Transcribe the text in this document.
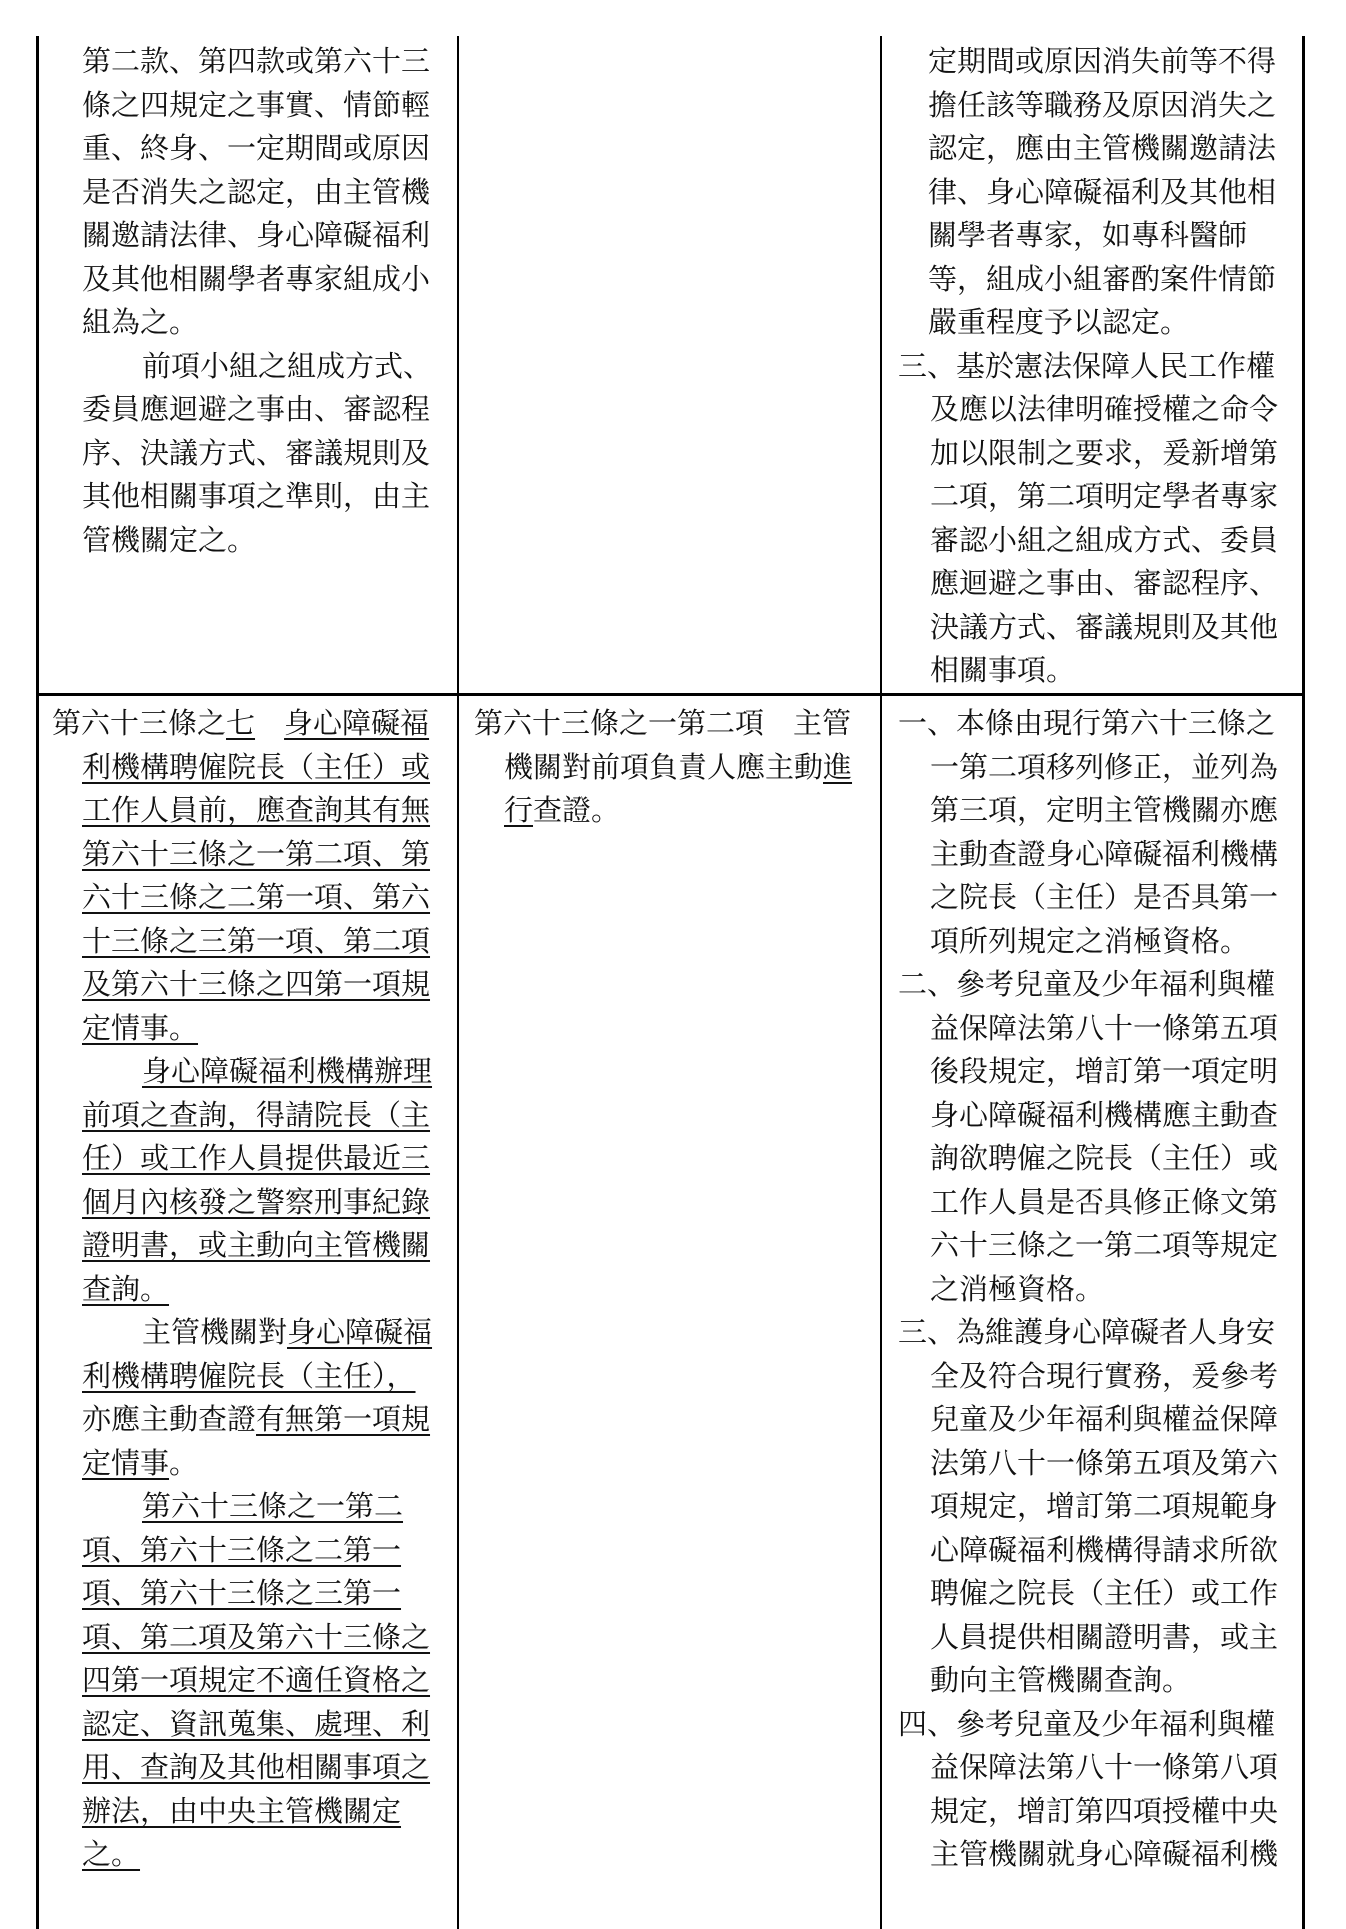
第二款、第四款或第六十三條之四規定之事實、情節輕重、終身、一定期間或原因是否消失之認定，由主管機關邀請法律、身心障礙福利及其他相關學者專家組成小組為之。

前項小組之組成方式、委員應迴避之事由、審認程序、決議方式、審議規則及其他相關事項之準則，由主管機關定之。

定期間或原因消失前等不得擔任該等職務及原因消失之認定，應由主管機關邀請法律、身心障礙福利及其他相關學者專家，如專科醫師等，組成小組審酌案件情節嚴重程度予以認定。

三、基於憲法保障人民工作權及應以法律明確授權之命令加以限制之要求，爰新增第二項，第二項明定學者專家審認小組之組成方式、委員應迴避之事由、審認程序、決議方式、審議規則及其他相關事項。

第六十三條之七　 身心障礙福利機構聘僱院長（主任）或工作人員前，應查詢其有無第六十三條之一第二項、第六十三條之二第一項、第六十三條之三第一項、第二項及第六十三條之四第一項規定情事。

身心障礙福利機構辦理前項之查詢，得請院長（主任）或工作人員提供最近三個月內核發之警察刑事紀錄證明書，或主動向主管機關查詢。

主管機關對身心障礙福利機構聘僱院長（主任），亦應主動查證有無第一項規定情事。

第六十三條之一第二項、第六十三條之二第一項、第六十三條之三第一項、第二項及第六十三條之四第一項規定不適任資格之認定、資訊蒐集、處理、利用、查詢及其他相關事項之辦法，由中央主管機關定之。

第六十三條之一第二項　主管機關對前項負責人應主動進行查證。

一、本條由現行第六十三條之一第二項移列修正，並列為第三項，定明主管機關亦應主動查證身心障礙福利機構之院長（主任）是否具第一項所列規定之消極資格。

二、參考兒童及少年福利與權益保障法第八十一條第五項後段規定，增訂第一項定明身心障礙福利機構應主動查詢欲聘僱之院長（主任）或工作人員是否具修正條文第六十三條之一第二項等規定之消極資格。

三、為維護身心障礙者人身安全及符合現行實務，爰參考兒童及少年福利與權益保障法第八十一條第五項及第六項規定，增訂第二項規範身心障礙福利機構得請求所欲聘僱之院長（主任）或工作人員提供相關證明書，或主動向主管機關查詢。

四、參考兒童及少年福利與權益保障法第八十一條第八項規定，增訂第四項授權中央主管機關就身心障礙福利機
